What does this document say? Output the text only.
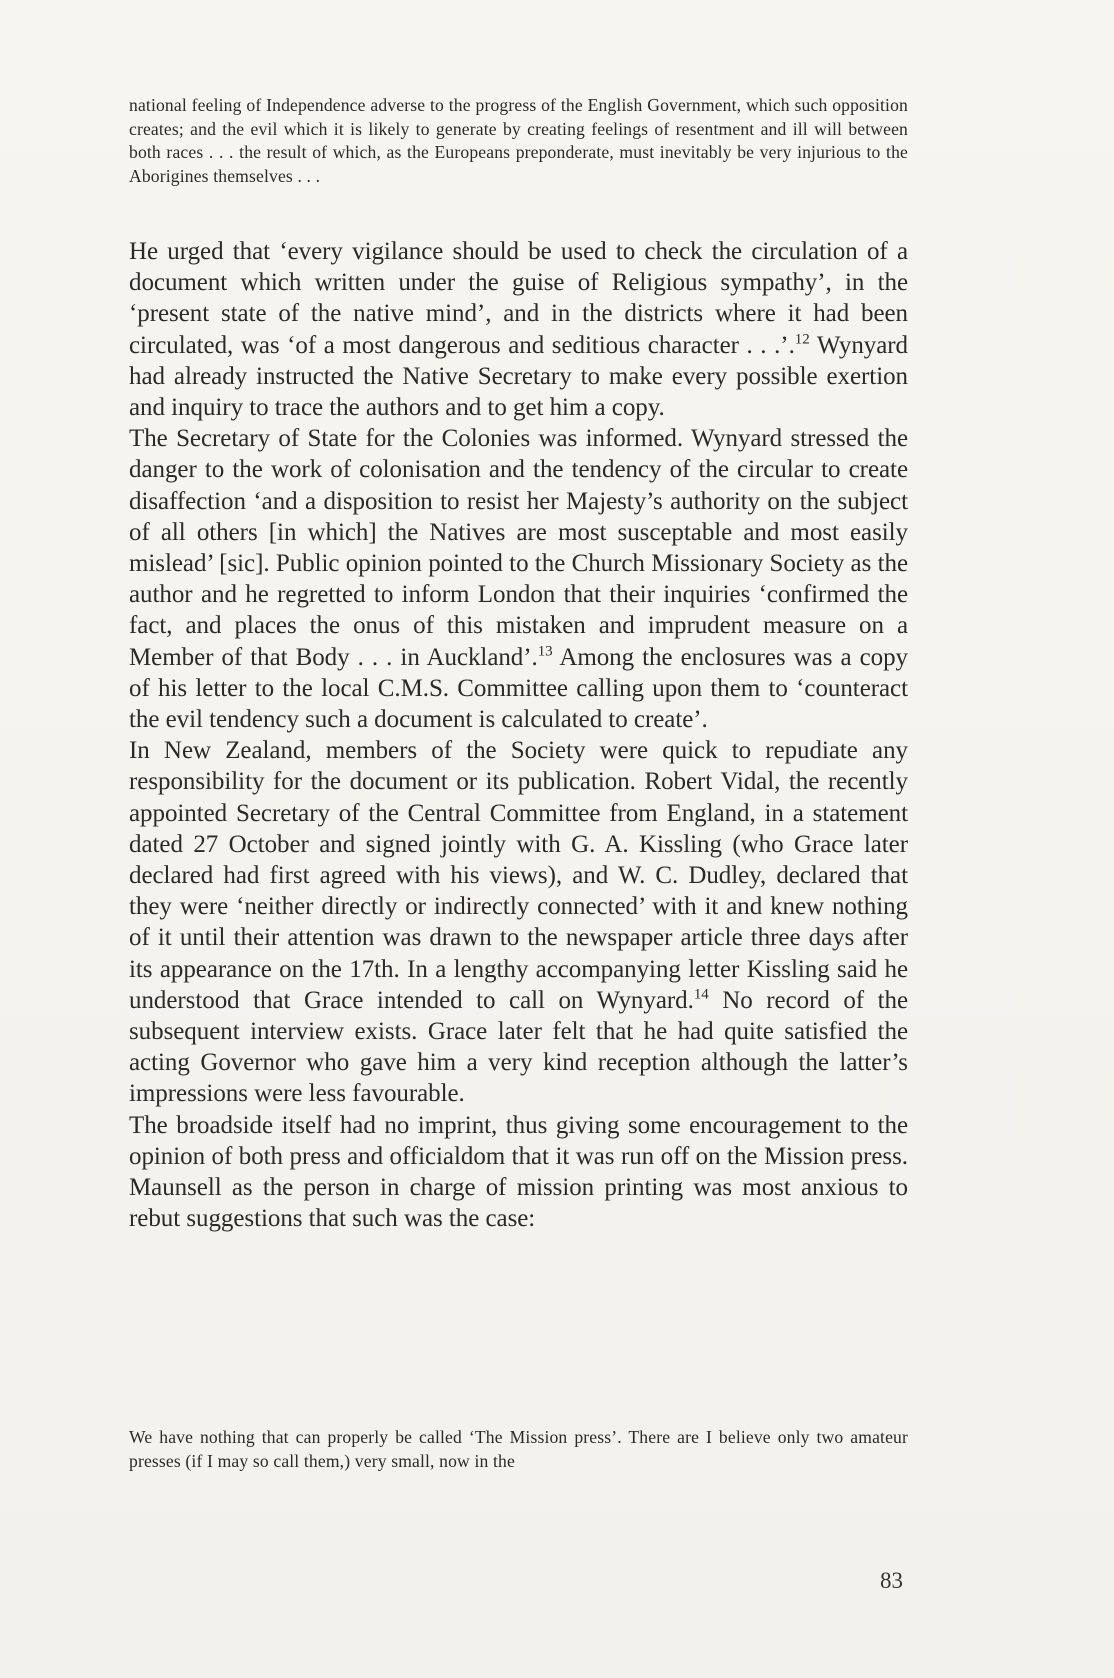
national feeling of Independence adverse to the progress of the English Government, which such opposition creates; and the evil which it is likely to generate by creating feelings of resentment and ill will between both races . . . the result of which, as the Europeans preponderate, must inevitably be very injurious to the Aborigines themselves . . .

He urged that ‘every vigilance should be used to check the circulation of a document which written under the guise of Religious sympathy’, in the ‘present state of the native mind’, and in the districts where it had been circulated, was ‘of a most dangerous and seditious character . . .’.$^{12}$ Wynyard had already instructed the Native Secretary to make every possible exertion and inquiry to trace the authors and to get him a copy.

The Secretary of State for the Colonies was informed. Wynyard stressed the danger to the work of colonisation and the tendency of the circular to create disaffection ‘and a disposition to resist her Majesty’s authority on the subject of all others [in which] the Natives are most susceptable and most easily mislead’ [sic]. Public opinion pointed to the Church Missionary Society as the author and he regretted to inform London that their inquiries ‘confirmed the fact, and places the onus of this mistaken and imprudent measure on a Member of that Body . . . in Auckland’.$^{13}$ Among the enclosures was a copy of his letter to the local C.M.S. Committee calling upon them to ‘counteract the evil tendency such a document is calculated to create’.

In New Zealand, members of the Society were quick to repudiate any responsibility for the document or its publication. Robert Vidal, the recently appointed Secretary of the Central Committee from England, in a statement dated 27 October and signed jointly with G. A. Kissling (who Grace later declared had first agreed with his views), and W. C. Dudley, declared that they were ‘neither directly or indirectly connected’ with it and knew nothing of it until their attention was drawn to the newspaper article three days after its appearance on the 17th. In a lengthy accompanying letter Kissling said he understood that Grace intended to call on Wynyard.$^{14}$ No record of the subsequent interview exists. Grace later felt that he had quite satisfied the acting Governor who gave him a very kind reception although the latter’s impressions were less favourable.

The broadside itself had no imprint, thus giving some encouragement to the opinion of both press and officialdom that it was run off on the Mission press. Maunsell as the person in charge of mission printing was most anxious to rebut suggestions that such was the case:

We have nothing that can properly be called ‘The Mission press’. There are I believe only two amateur presses (if I may so call them,) very small, now in the

83
